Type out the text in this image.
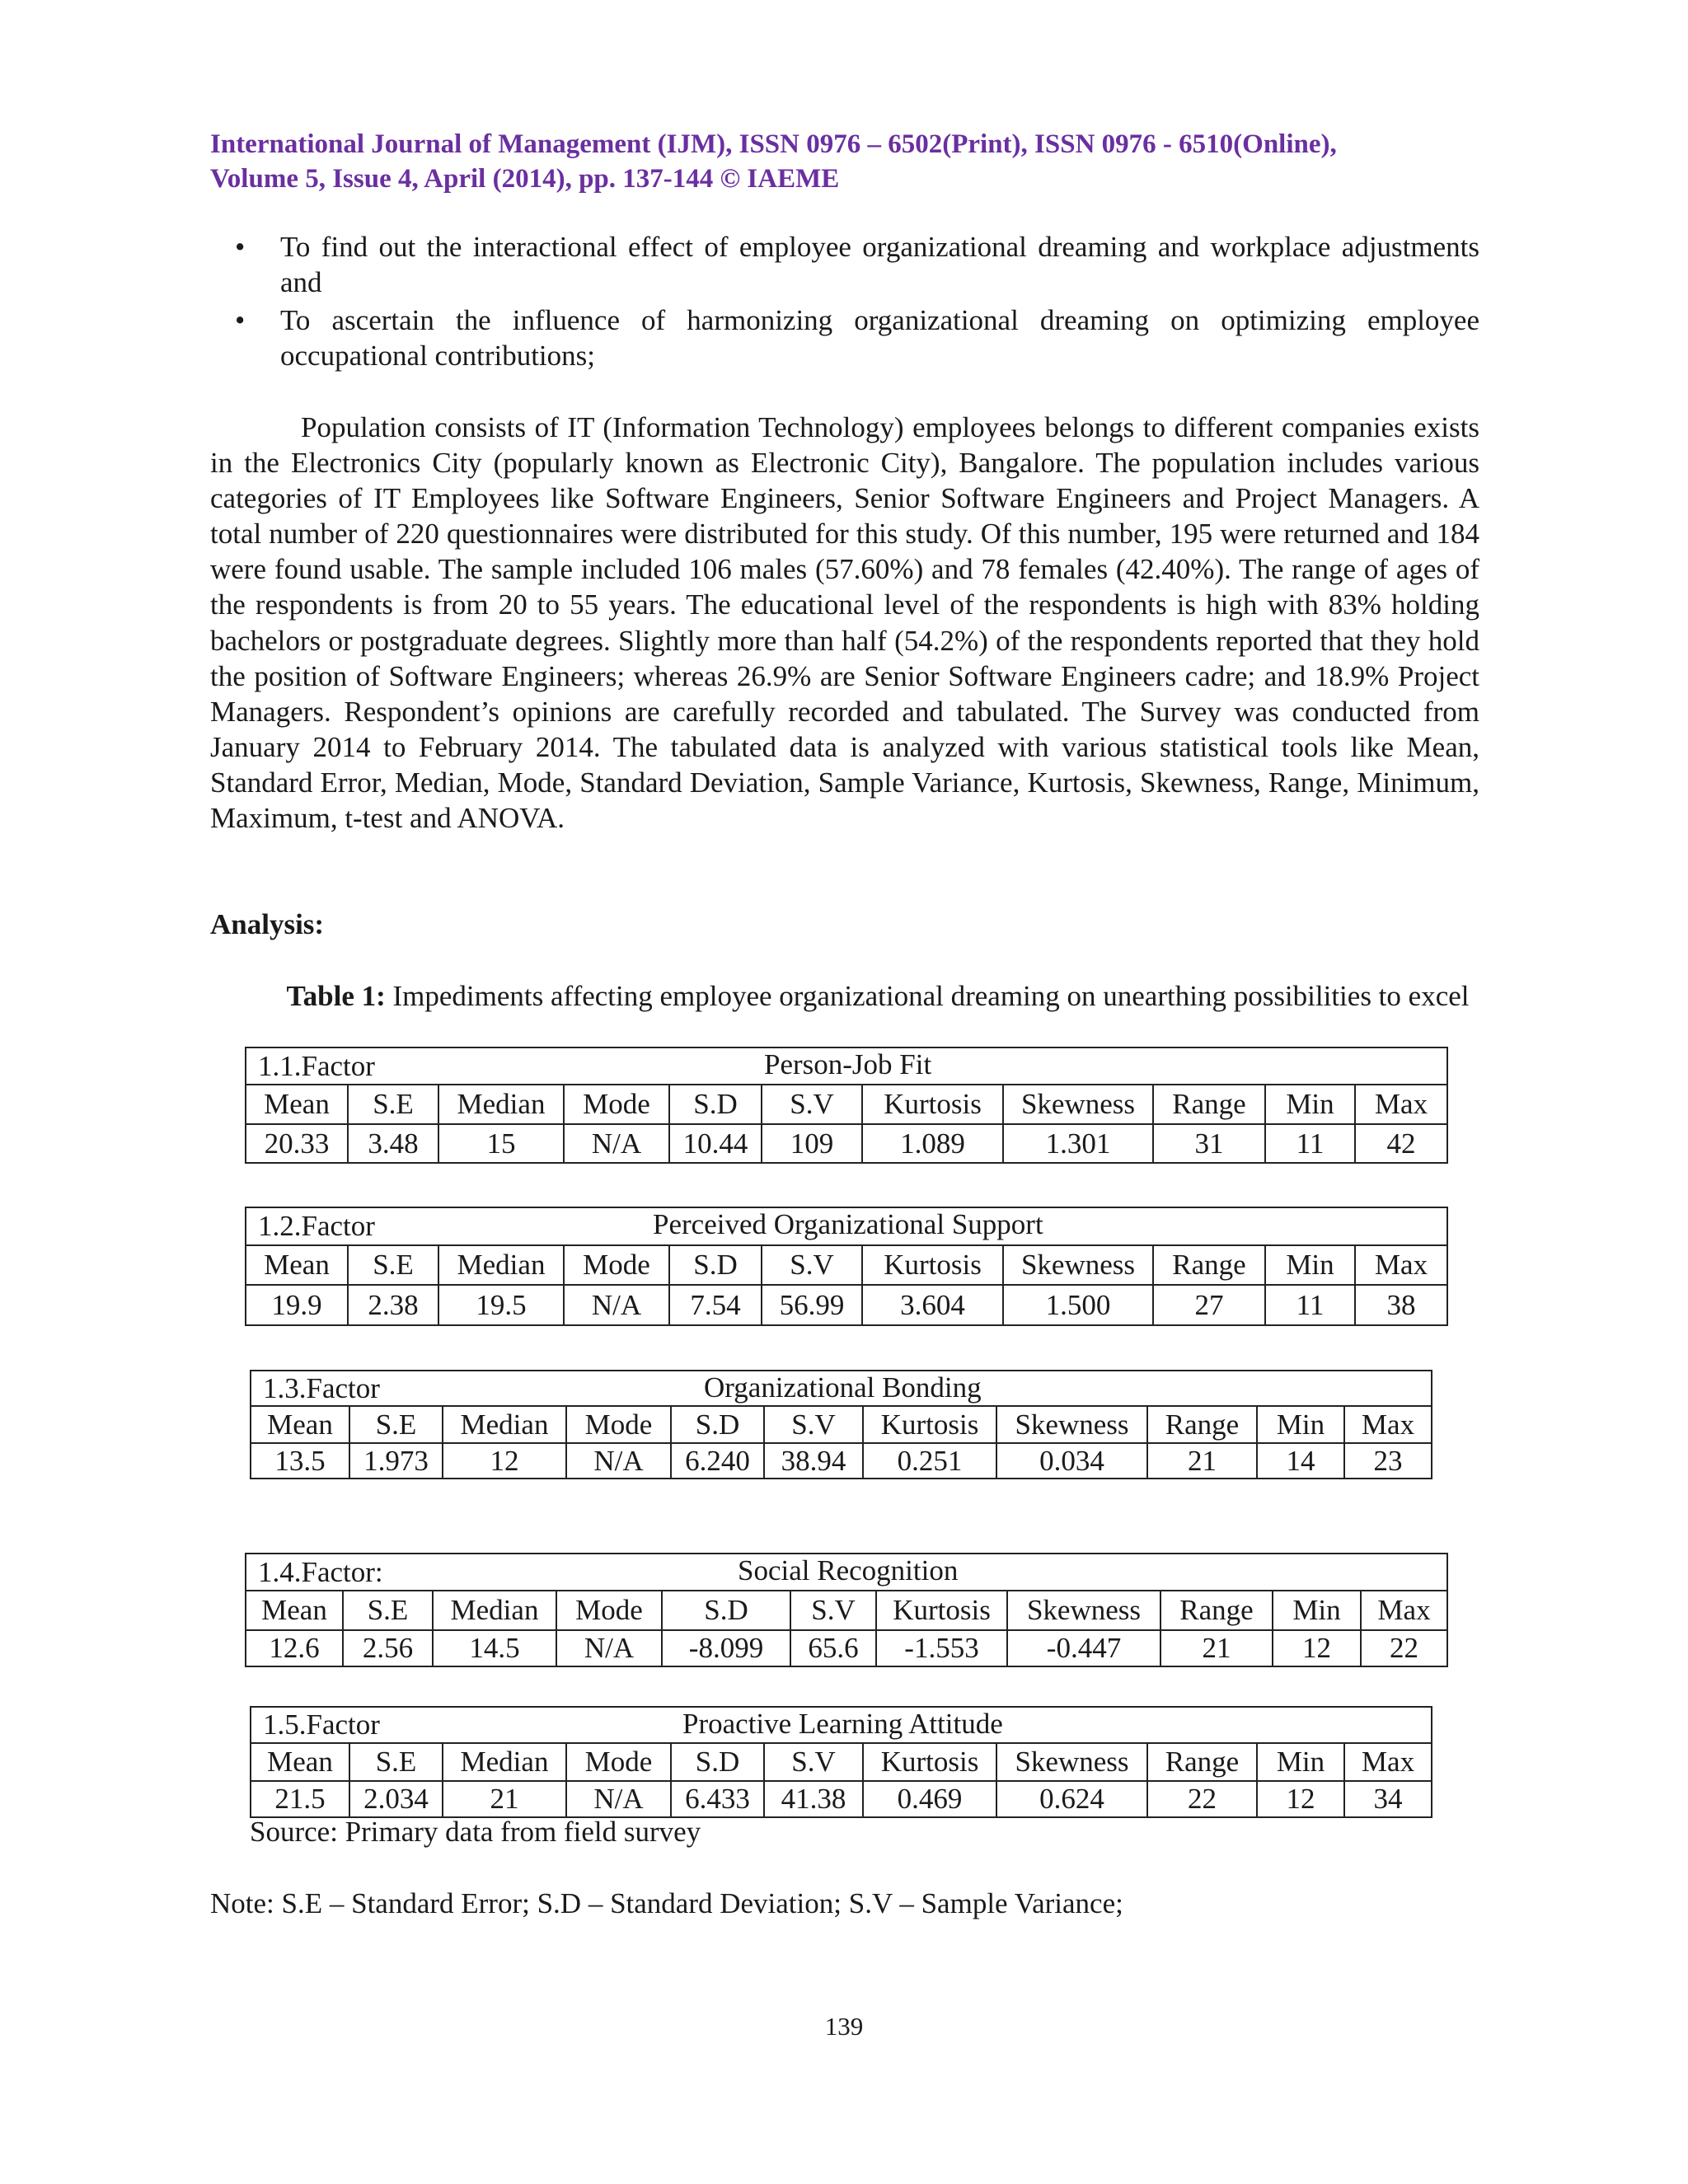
International Journal of Management (IJM), ISSN 0976 – 6502(Print), ISSN 0976 - 6510(Online),
Volume 5, Issue 4, April (2014), pp. 137-144 © IAEME
• To find out the interactional effect of employee organizational dreaming and workplace adjustments and
• To ascertain the influence of harmonizing organizational dreaming on optimizing employee occupational contributions;

Population consists of IT (Information Technology) employees belongs to different companies exists in the Electronics City (popularly known as Electronic City), Bangalore. The population includes various categories of IT Employees like Software Engineers, Senior Software Engineers and Project Managers. A total number of 220 questionnaires were distributed for this study. Of this number, 195 were returned and 184 were found usable. The sample included 106 males (57.60%) and 78 females (42.40%). The range of ages of the respondents is from 20 to 55 years. The educational level of the respondents is high with 83% holding bachelors or postgraduate degrees. Slightly more than half (54.2%) of the respondents reported that they hold the position of Software Engineers; whereas 26.9% are Senior Software Engineers cadre; and 18.9% Project Managers. Respondent’s opinions are carefully recorded and tabulated. The Survey was conducted from January 2014 to February 2014. The tabulated data is analyzed with various statistical tools like Mean, Standard Error, Median, Mode, Standard Deviation, Sample Variance, Kurtosis, Skewness, Range, Minimum, Maximum, t-test and ANOVA.

Analysis:
Table 1: Impediments affecting employee organizational dreaming on unearthing possibilities to excel
1.1.Factor Person-Job Fit										

Mean	S.E	Median	Mode	S.D	S.V	Kurtosis	Skewness	Range	Min	Max
20.33	3.48	15	N/A	10.44	109	1.089	1.301	31	11	42
1.2.Factor Perceived Organizational Support										

Mean	S.E	Median	Mode	S.D	S.V	Kurtosis	Skewness	Range	Min	Max
19.9	2.38	19.5	N/A	7.54	56.99	3.604	1.500	27	11	38
1.3.Factor Organizational Bonding										

Mean	S.E	Median	Mode	S.D	S.V	Kurtosis	Skewness	Range	Min	Max
13.5	1.973	12	N/A	6.240	38.94	0.251	0.034	21	14	23
1.4.Factor: Social Recognition										

Mean	S.E	Median	Mode	S.D	S.V	Kurtosis	Skewness	Range	Min	Max
12.6	2.56	14.5	N/A	-8.099	65.6	-1.553	-0.447	21	12	22
1.5.Factor Proactive Learning Attitude										

Mean	S.E	Median	Mode	S.D	S.V	Kurtosis	Skewness	Range	Min	Max
21.5	2.034	21	N/A	6.433	41.38	0.469	0.624	22	12	34
Source: Primary data from field survey
Note: S.E – Standard Error; S.D – Standard Deviation; S.V – Sample Variance;
139
